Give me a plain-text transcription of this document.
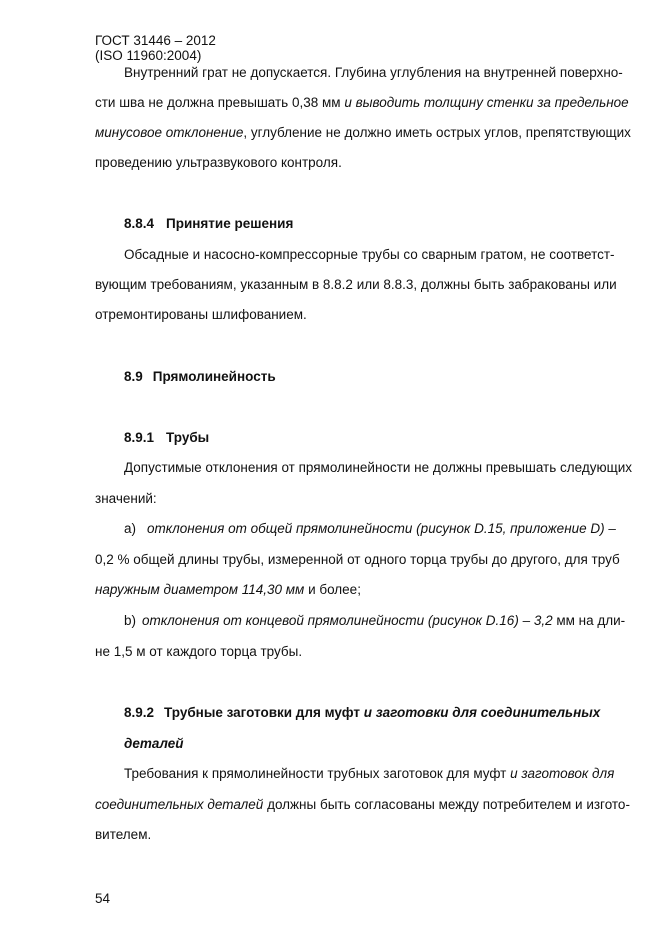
ГОСТ 31446 – 2012
(ISO 11960:2004)
Внутренний грат не допускается. Глубина углубления на внутренней поверхно-
сти шва не должна превышать 0,38 мм и выводить толщину стенки за предельное
минусовое отклонение, углубление не должно иметь острых углов, препятствующих
проведению ультразвукового контроля.
8.8.4 Принятие решения
Обсадные и насосно-компрессорные трубы со сварным гратом, не соответст-
вующим требованиям, указанным в 8.8.2 или 8.8.3, должны быть забракованы или
отремонтированы шлифованием.
8.9 Прямолинейность
8.9.1 Трубы
Допустимые отклонения от прямолинейности не должны превышать следующих
значений:
а) отклонения от общей прямолинейности (рисунок D.15, приложение D) –
0,2 % общей длины трубы, измеренной от одного торца трубы до другого, для труб
наружным диаметром 114,30 мм и более;
b) отклонения от концевой прямолинейности (рисунок D.16) – 3,2 мм на дли-
не 1,5 м от каждого торца трубы.
8.9.2 Трубные заготовки для муфт и заготовки для соединительных
деталей
Требования к прямолинейности трубных заготовок для муфт и заготовок для
соединительных деталей должны быть согласованы между потребителем и изгото-
вителем.
54
